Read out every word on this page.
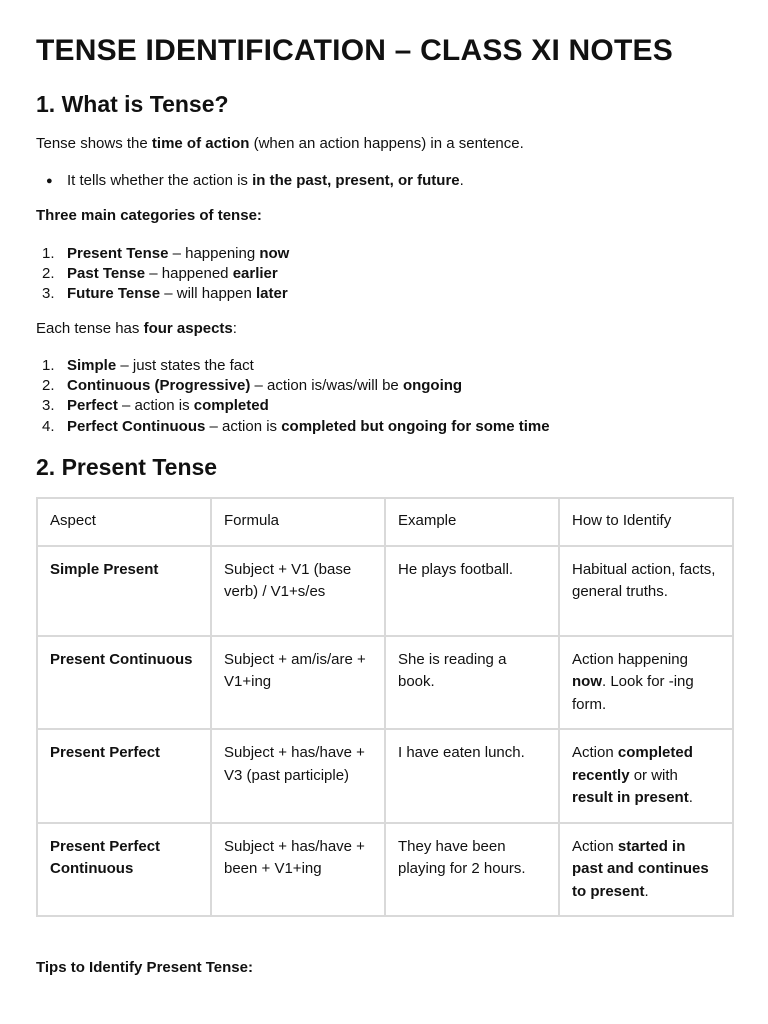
TENSE IDENTIFICATION – CLASS XI NOTES
1. What is Tense?

Tense shows the time of action (when an action happens) in a sentence.

● It tells whether the action is in the past, present, or future.

Three main categories of tense:

1. Present Tense – happening now
2. Past Tense – happened earlier
3. Future Tense – will happen later

Each tense has four aspects:

1. Simple – just states the fact
2. Continuous (Progressive) – action is/was/will be ongoing
3. Perfect – action is completed
4. Perfect Continuous – action is completed but ongoing for some time
2. Present Tense
Aspect	Formula	Example	How to Identify
Simple Present	Subject + V1 (base verb) / V1+s/es	He plays football.	Habitual action, facts, general truths.
Present Continuous	Subject + am/is/are + V1+ing	She is reading a book.	Action happening now. Look for -ing form.
Present Perfect	Subject + has/have + V3 (past participle)	I have eaten lunch.	Action completed recently or with result in present.
Present Perfect Continuous	Subject + has/have + been + V1+ing	They have been playing for 2 hours.	Action started in past and continues to present.

Tips to Identify Present Tense:
